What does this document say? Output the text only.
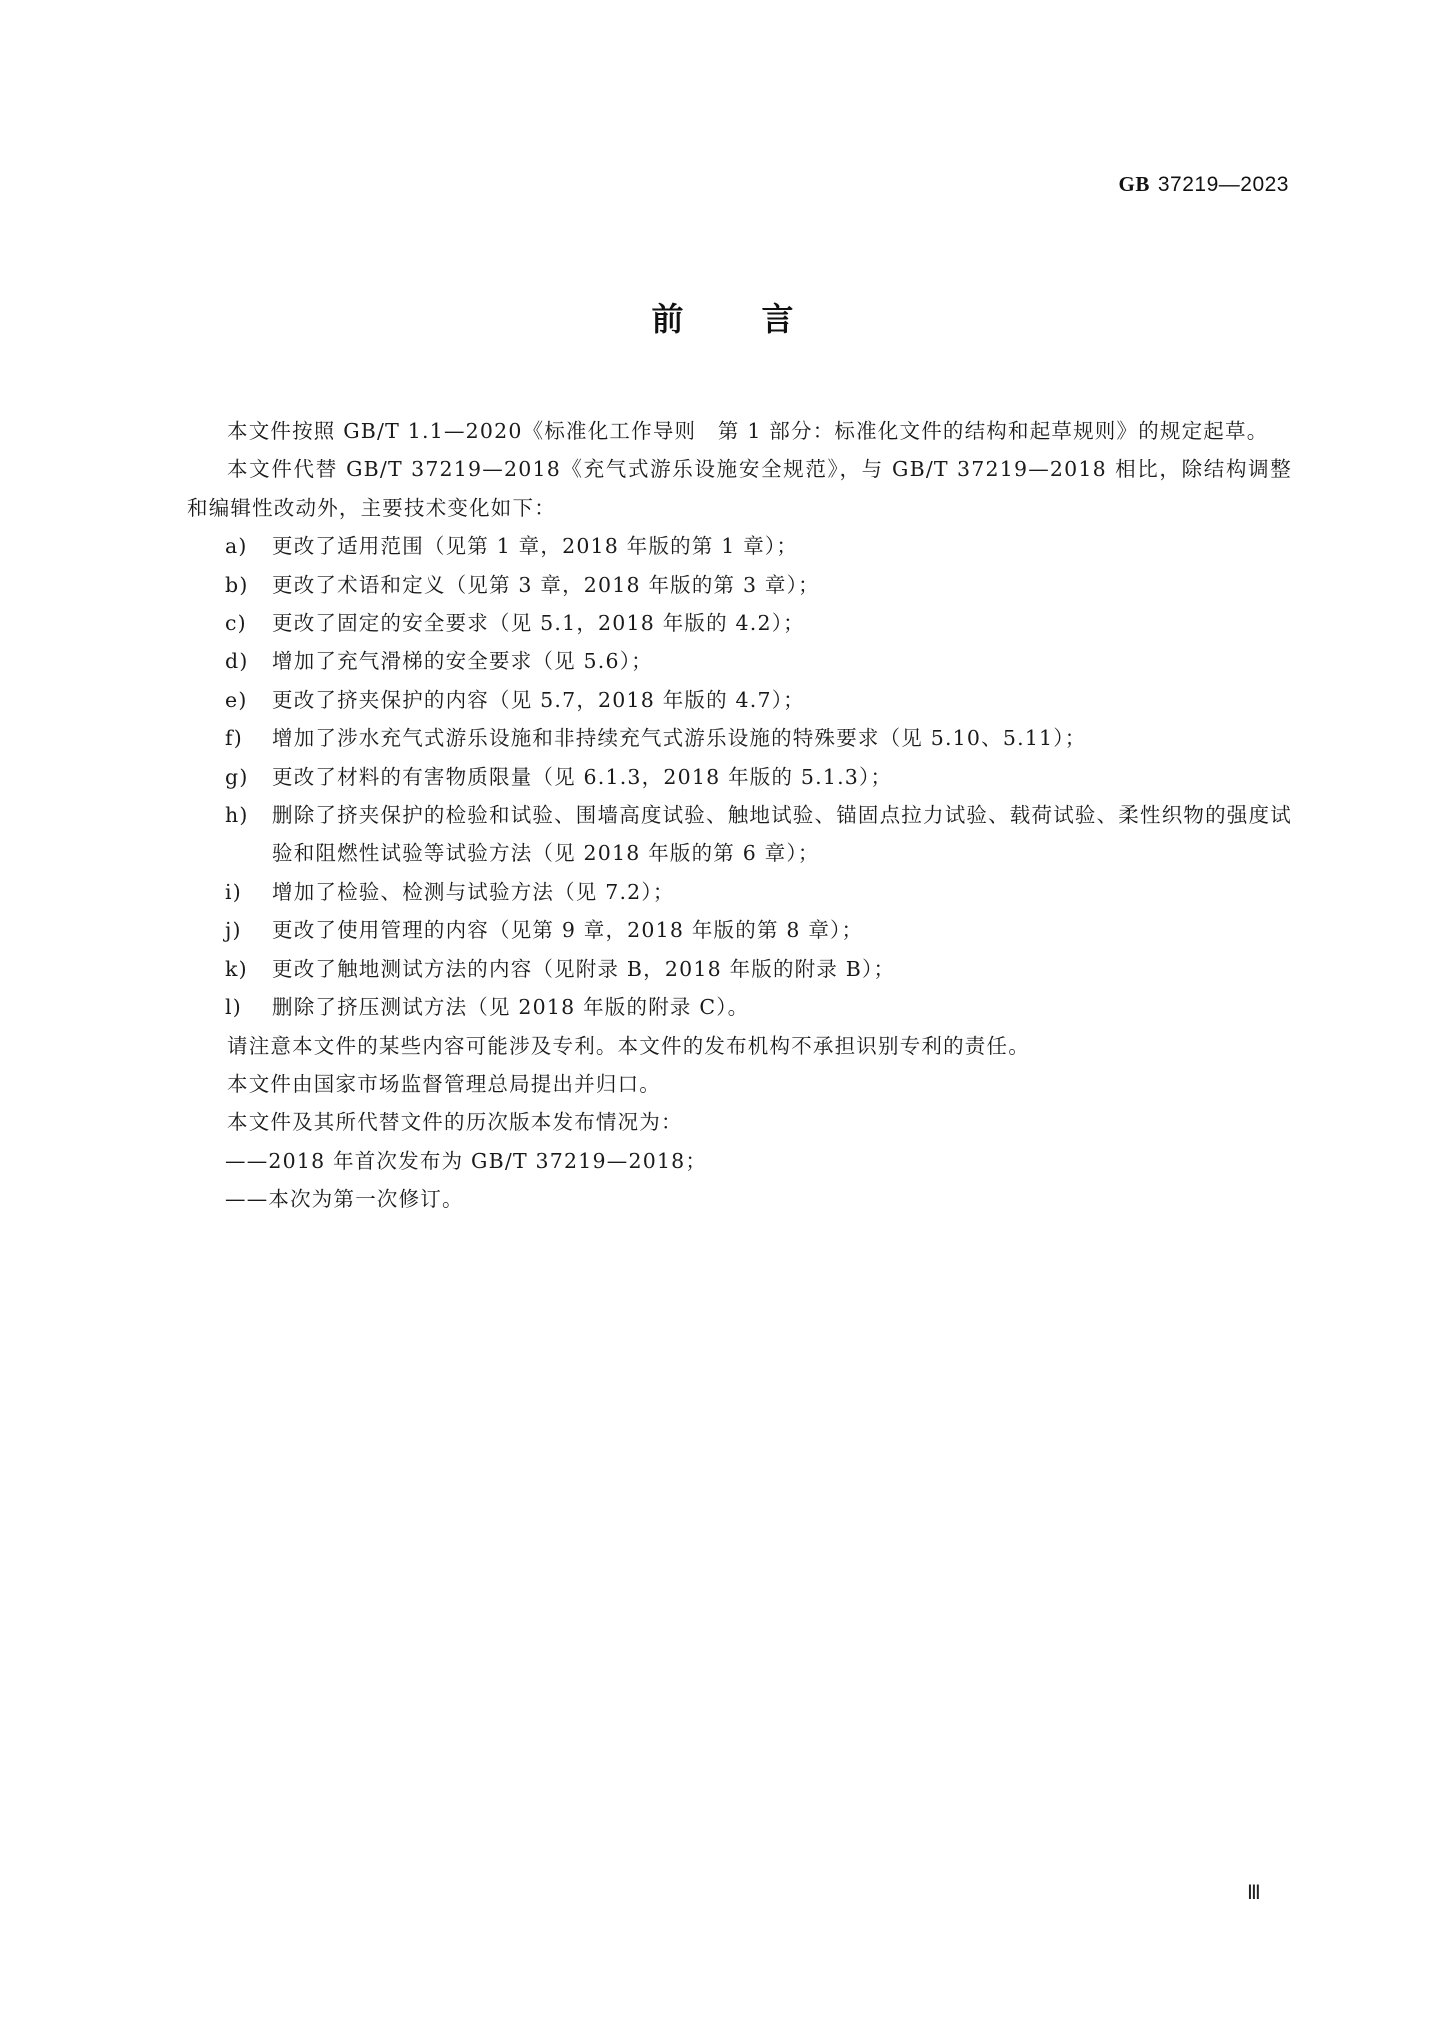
GB 37219—2023
前 言

本文件按照 GB/T 1.1—2020《标准化工作导则　第 1 部分：标准化文件的结构和起草规则》的规定起草。

本文件代替 GB/T 37219—2018《充气式游乐设施安全规范》，与 GB/T 37219—2018 相比，除结构调整和编辑性改动外，主要技术变化如下：

a) 更改了适用范围（见第 1 章，2018 年版的第 1 章）；

b) 更改了术语和定义（见第 3 章，2018 年版的第 3 章）；

c) 更改了固定的安全要求（见 5.1，2018 年版的 4.2）；

d) 增加了充气滑梯的安全要求（见 5.6）；

e) 更改了挤夹保护的内容（见 5.7，2018 年版的 4.7）；

f) 增加了涉水充气式游乐设施和非持续充气式游乐设施的特殊要求（见 5.10、5.11）；

g) 更改了材料的有害物质限量（见 6.1.3，2018 年版的 5.1.3）；

h) 删除了挤夹保护的检验和试验、围墙高度试验、触地试验、锚固点拉力试验、载荷试验、柔性织物的强度试验和阻燃性试验等试验方法（见 2018 年版的第 6 章）；

i) 增加了检验、检测与试验方法（见 7.2）；

j) 更改了使用管理的内容（见第 9 章，2018 年版的第 8 章）；

k) 更改了触地测试方法的内容（见附录 B，2018 年版的附录 B）；

l) 删除了挤压测试方法（见 2018 年版的附录 C）。

请注意本文件的某些内容可能涉及专利。本文件的发布机构不承担识别专利的责任。

本文件由国家市场监督管理总局提出并归口。

本文件及其所代替文件的历次版本发布情况为：

——2018 年首次发布为 GB/T 37219—2018；

——本次为第一次修订。

Ⅲ
